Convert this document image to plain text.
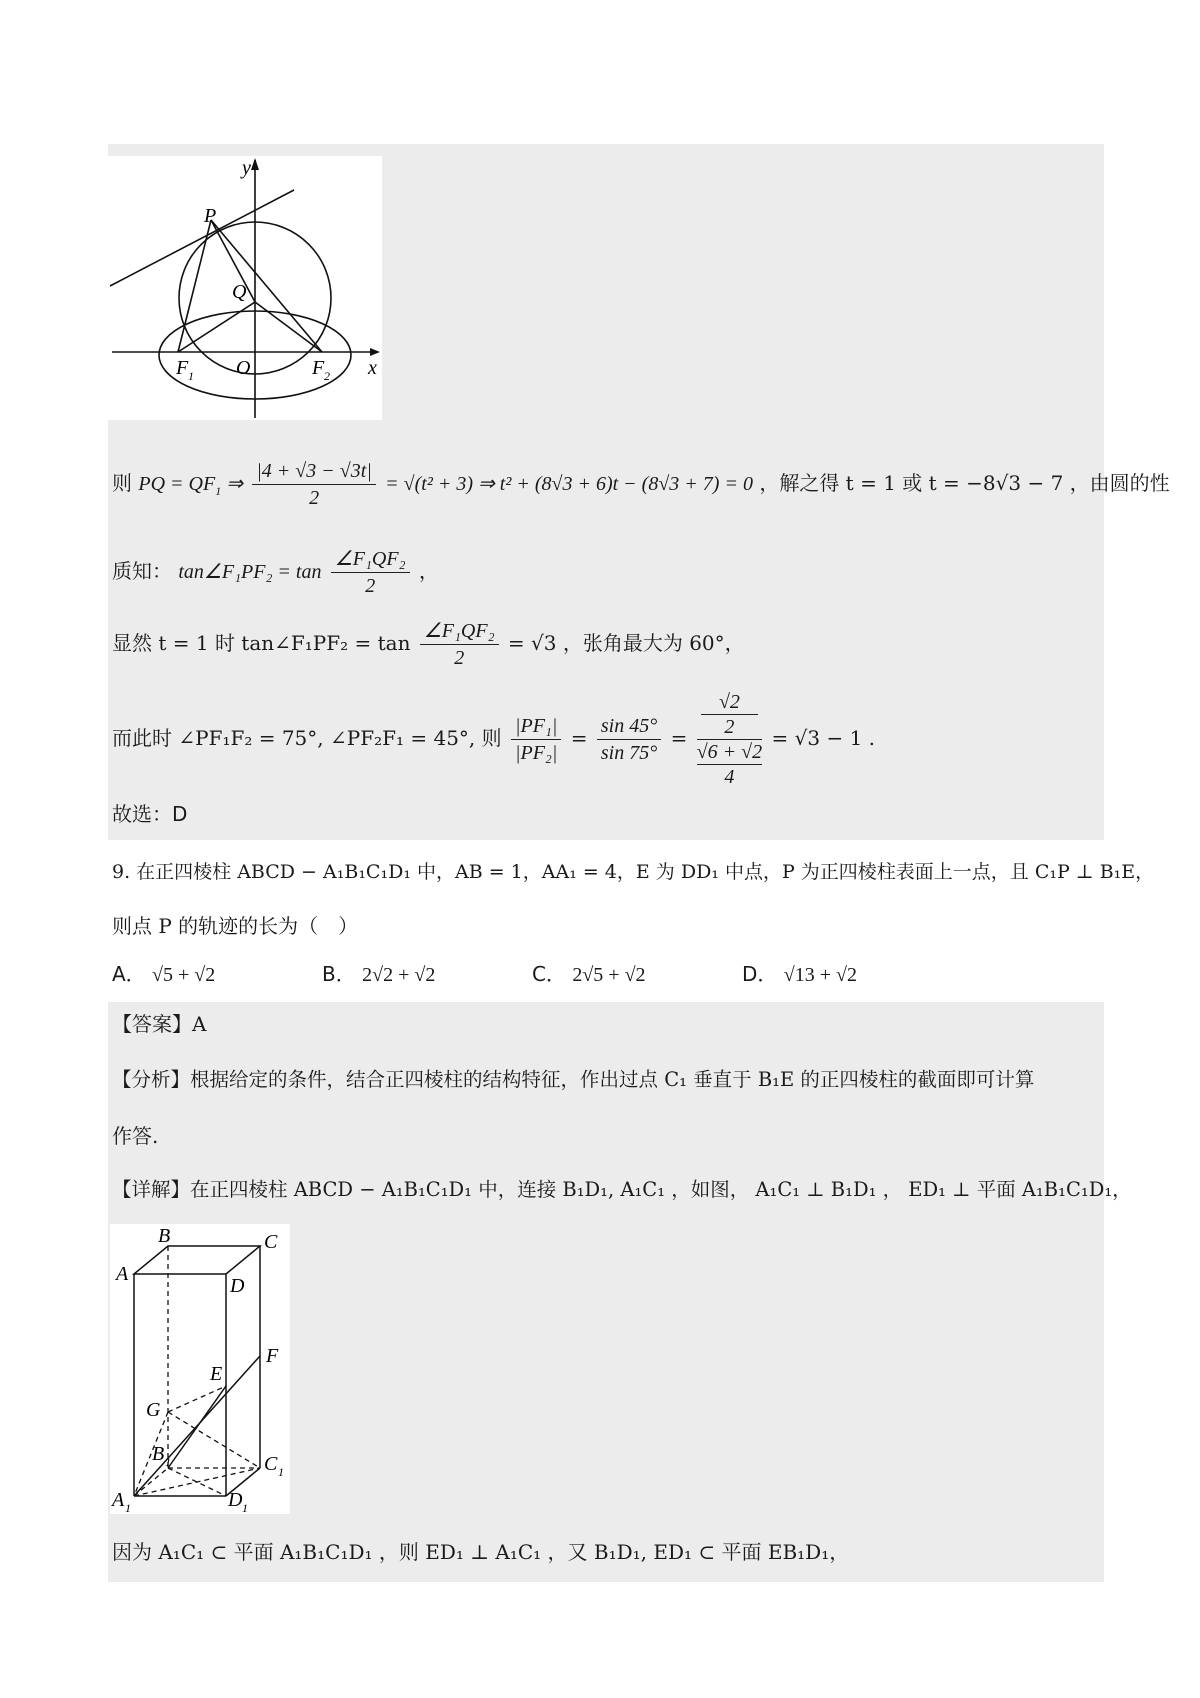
y
x
P
Q
O
F 1	F 2
则 PQ = $QF_1$ ⇒ $\frac{|4 + √3 - √3t|}{2} = √(t^2 + 3)$ ⇒ t² + (8√3 + 6)t − (8√3 + 7) = 0 ，解之得 t = 1 或 t = −8√3 − 7 ，由圆的性
质知： tan∠F₁PF₂ = $\tan \frac{\text{∠F₁QF₂}}{2}$ ，
显然 t = 1 时 tan∠F₁PF₂ = $\tan \frac{\text{∠F₁QF₂}}{2} = √3$ ，张角最大为 60°，
而此时 ∠PF₁F₂ = 75°, ∠PF₂F₁ = 45°, 则 $\frac{\text{|PF₁|}}{\text{|PF₂|}} = \frac{\sin 45^\circ}{\sin 75^\circ} = √2$
2
√6 + √2
4 = √3 − 1 .
故选：D
9. 在正四棱柱 ABCD − A₁B₁C₁D₁ 中，AB = 1，AA₁ = 4，E 为 DD₁ 中点，P 为正四棱柱表面上一点，且 C₁P ⊥ B₁E，
则点 P 的轨迹的长为（　）
A． √5 + √2	B． 2√2 + √2	C． 2√5 + √2	D． √13 + √2
【答案】A
【分析】根据给定的条件，结合正四棱柱的结构特征，作出过点 C₁ 垂直于 B₁E 的正四棱柱的截面即可计算
作答.
【详解】在正四棱柱 ABCD − A₁B₁C₁D₁ 中，连接 B₁D₁, A₁C₁ ，如图， A₁C₁ ⊥ B₁D₁ ， ED₁ ⊥ 平面 A₁B₁C₁D₁，
B	C
A
D
F
E
G
B 1	C 1
A 1	D 1
因为 A₁C₁ ⊂ 平面 A₁B₁C₁D₁ ，则 ED₁ ⊥ A₁C₁ ，又 B₁D₁, ED₁ ⊂ 平面 EB₁D₁，
